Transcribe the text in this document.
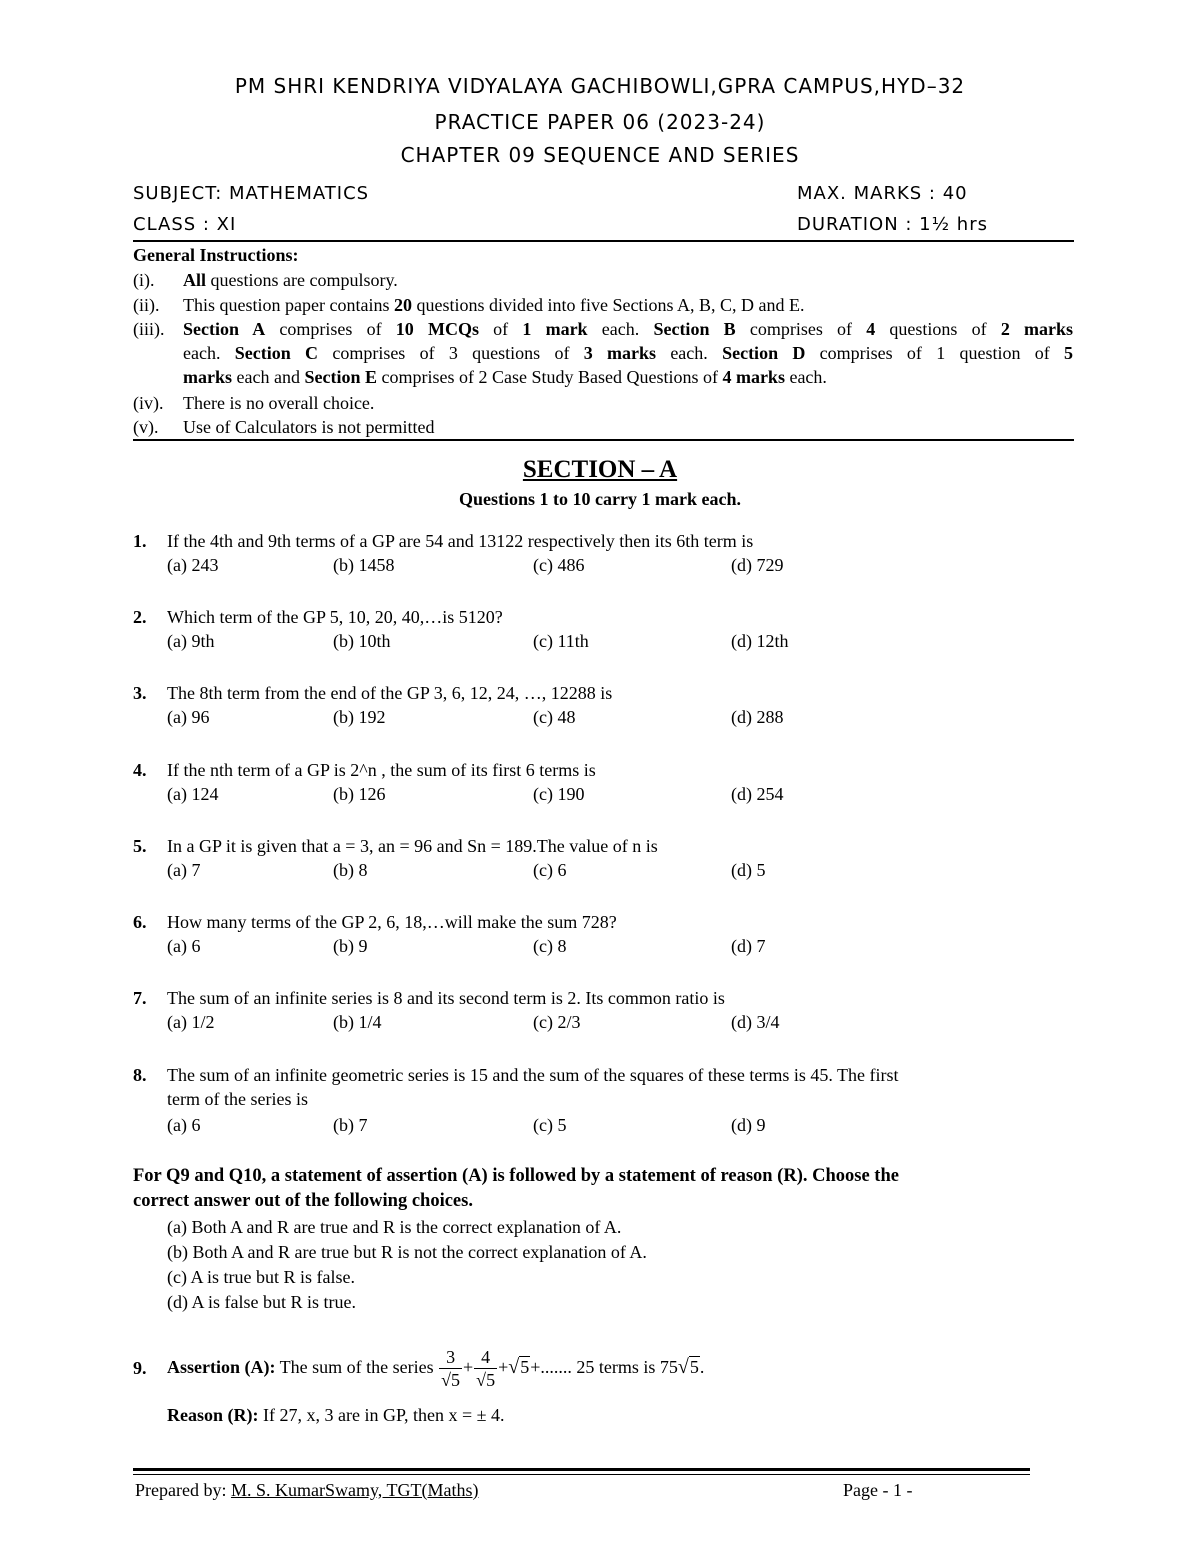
PM SHRI KENDRIYA VIDYALAYA GACHIBOWLI,GPRA CAMPUS,HYD–32
PRACTICE PAPER 06 (2023-24)
CHAPTER 09 SEQUENCE AND SERIES
SUBJECT: MATHEMATICS	MAX. MARKS : 40
CLASS : XI	DURATION : 1½ hrs
General Instructions:
(i). All questions are compulsory.
(ii). This question paper contains 20 questions divided into five Sections A, B, C, D and E.
(iii). Section A comprises of 10 MCQs of 1 mark each. Section B comprises of 4 questions of 2 marks
each. Section C comprises of 3 questions of 3 marks each. Section D comprises of 1 question of 5
marks each and Section E comprises of 2 Case Study Based Questions of 4 marks each.
(iv). There is no overall choice.
(v). Use of Calculators is not permitted
SECTION – A
Questions 1 to 10 carry 1 mark each.
1. If the 4th and 9th terms of a GP are 54 and 13122 respectively then its 6th term is
(a) 243	(b) 1458	(c) 486	(d) 729
2. Which term of the GP 5, 10, 20, 40,…is 5120?
(a) 9th	(b) 10th	(c) 11th	(d) 12th
3. The 8th term from the end of the GP 3, 6, 12, 24, …, 12288 is
(a) 96	(b) 192	(c) 48	(d) 288
4. If the nth term of a GP is 2^n , the sum of its first 6 terms is
(a) 124	(b) 126	(c) 190	(d) 254
5. In a GP it is given that a = 3, an = 96 and Sn = 189.The value of n is
(a) 7	(b) 8	(c) 6	(d) 5
6. How many terms of the GP 2, 6, 18,…will make the sum 728?
(a) 6	(b) 9	(c) 8	(d) 7
7. The sum of an infinite series is 8 and its second term is 2. Its common ratio is
(a) 1/2	(b) 1/4	(c) 2/3	(d) 3/4
8. The sum of an infinite geometric series is 15 and the sum of the squares of these terms is 45. The first
term of the series is
(a) 6	(b) 7	(c) 5	(d) 9
For Q9 and Q10, a statement of assertion (A) is followed by a statement of reason (R). Choose the
correct answer out of the following choices.
(a) Both A and R are true and R is the correct explanation of A.
(b) Both A and R are true but R is not the correct explanation of A.
(c) A is true but R is false.
(d) A is false but R is true.
9. Assertion (A): The sum of the series $\frac{3}{√5} + \frac{4}{√5} +√5+$....... 25 terms is 75√5.
Reason (R): If 27, x, 3 are in GP, then x = ± 4.
Prepared by: M. S. KumarSwamy, TGT(Maths)	Page - 1 -
